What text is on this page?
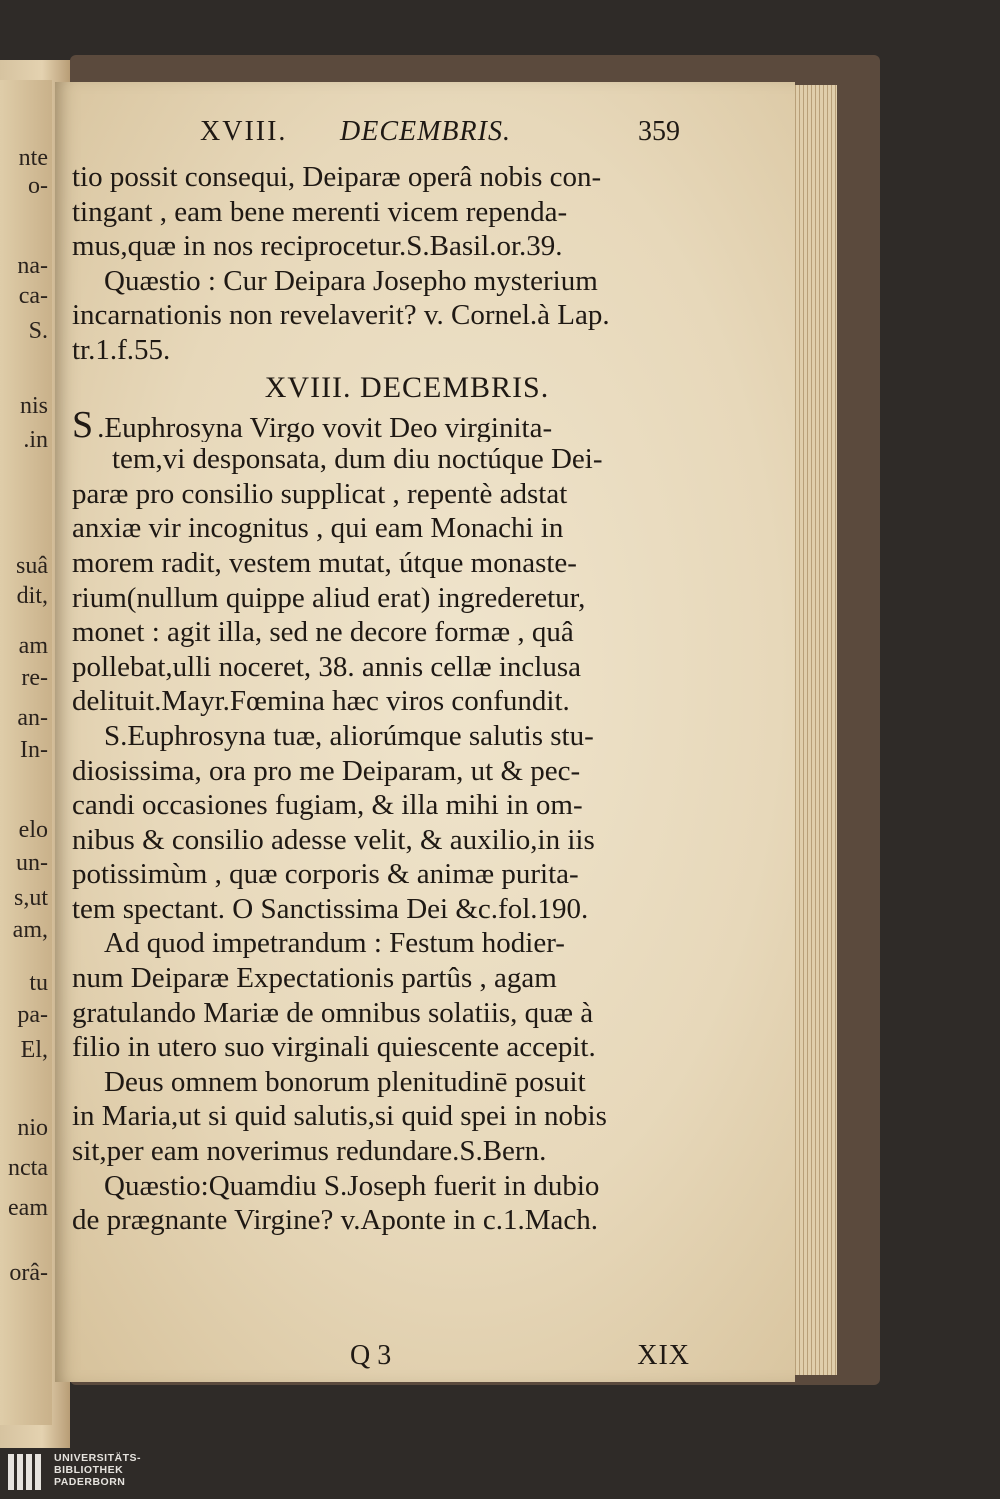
nte
o-
na-
ca-
S.
nis
.in
suâ
dit,
am
re-
an-
In-
elo
un-
s,ut
am,
tu
pa-
El,
nio
ncta
eam
orâ-
XVIII. DECEMBRIS.	359
tio possit consequi, Deiparæ operâ nobis con-
tingant , eam bene merenti vicem rependa-
mus,quæ in nos reciprocetur.S.Basil.or.39.
Quæstio : Cur Deipara Josepho mysterium
incarnationis non revelaverit? v. Cornel.à Lap.
tr.1.f.55.
XVIII. DECEMBRIS.
S .Euphrosyna Virgo vovit Deo virginita-
tem,vi desponsata, dum diu noctúque Dei-
paræ pro consilio supplicat , repentè adstat
anxiæ vir incognitus , qui eam Monachi in
morem radit, vestem mutat, útque monaste-
rium(nullum quippe aliud erat) ingrederetur,
monet : agit illa, sed ne decore formæ , quâ
pollebat,ulli noceret, 38. annis cellæ inclusa
delituit.Mayr.Fœmina hæc viros confundit.
S.Euphrosyna tuæ, aliorúmque salutis stu-
diosissima, ora pro me Deiparam, ut & pec-
candi occasiones fugiam, & illa mihi in om-
nibus & consilio adesse velit, & auxilio,in iis
potissimùm , quæ corporis & animæ purita-
tem spectant. O Sanctissima Dei &c.fol.190.
Ad quod impetrandum : Festum hodier-
num Deiparæ Expectationis partûs , agam
gratulando Mariæ de omnibus solatiis, quæ à
filio in utero suo virginali quiescente accepit.
Deus omnem bonorum plenitudinē posuit
in Maria,ut si quid salutis,si quid spei in nobis
sit,per eam noverimus redundare.S.Bern.
Quæstio:Quamdiu S.Joseph fuerit in dubio
de prægnante Virgine? v.Aponte in c.1.Mach.
Q 3	XIX
UNIVERSITÄTS-
BIBLIOTHEK
PADERBORN
